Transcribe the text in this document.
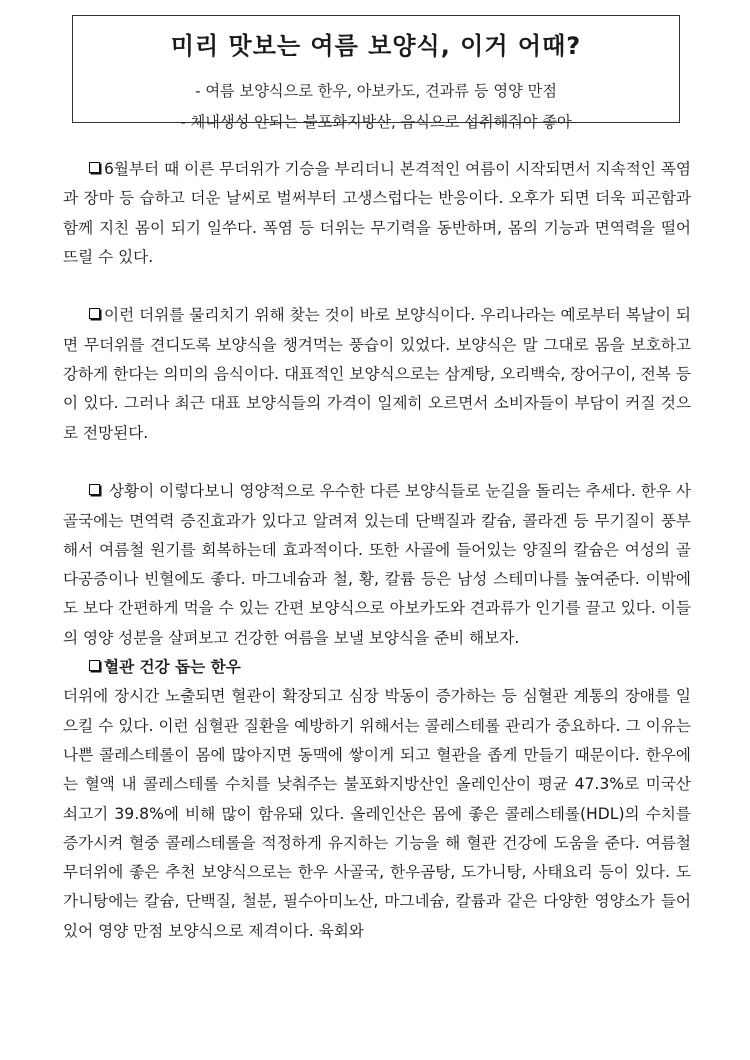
미리 맛보는 여름 보양식, 이거 어때?
- 여름 보양식으로 한우, 아보카도, 견과류 등 영양 만점
- 체내생성 안되는 불포화지방산, 음식으로 섭취해줘야 좋아

6월부터 때 이른 무더위가 기승을 부리더니 본격적인 여름이 시작되면서 지속적인 폭염과 장마 등 습하고 더운 날씨로 벌써부터 고생스럽다는 반응이다. 오후가 되면 더욱 피곤함과 함께 지친 몸이 되기 일쑤다. 폭염 등 더위는 무기력을 동반하며, 몸의 기능과 면역력을 떨어뜨릴 수 있다.

이런 더위를 물리치기 위해 찾는 것이 바로 보양식이다. 우리나라는 예로부터 복날이 되면 무더위를 견디도록 보양식을 챙겨먹는 풍습이 있었다. 보양식은 말 그대로 몸을 보호하고 강하게 한다는 의미의 음식이다. 대표적인 보양식으로는 삼계탕, 오리백숙, 장어구이, 전복 등이 있다. 그러나 최근 대표 보양식들의 가격이 일제히 오르면서 소비자들이 부담이 커질 것으로 전망된다.

상황이 이렇다보니 영양적으로 우수한 다른 보양식들로 눈길을 돌리는 추세다. 한우 사골국에는 면역력 증진효과가 있다고 알려져 있는데 단백질과 칼슘, 콜라겐 등 무기질이 풍부해서 여름철 원기를 회복하는데 효과적이다. 또한 사골에 들어있는 양질의 칼슘은 여성의 골다공증이나 빈혈에도 좋다. 마그네슘과 철, 황, 칼륨 등은 남성 스테미나를 높여준다. 이밖에도 보다 간편하게 먹을 수 있는 간편 보양식으로 아보카도와 견과류가 인기를 끌고 있다. 이들의 영양 성분을 살펴보고 건강한 여름을 보낼 보양식을 준비 해보자.

혈관 건강 돕는 한우

더위에 장시간 노출되면 혈관이 확장되고 심장 박동이 증가하는 등 심혈관 계통의 장애를 일으킬 수 있다. 이런 심혈관 질환을 예방하기 위해서는 콜레스테롤 관리가 중요하다. 그 이유는 나쁜 콜레스테롤이 몸에 많아지면 동맥에 쌓이게 되고 혈관을 좁게 만들기 때문이다. 한우에는 혈액 내 콜레스테롤 수치를 낮춰주는 불포화지방산인 올레인산이 평균 47.3%로 미국산 쇠고기 39.8%에 비해 많이 함유돼 있다. 올레인산은 몸에 좋은 콜레스테롤(HDL)의 수치를 증가시켜 혈중 콜레스테롤을 적정하게 유지하는 기능을 해 혈관 건강에 도움을 준다. 여름철 무더위에 좋은 추천 보양식으로는 한우 사골국, 한우곰탕, 도가니탕, 사태요리 등이 있다. 도가니탕에는 칼슘, 단백질, 철분, 필수아미노산, 마그네슘, 칼륨과 같은 다양한 영양소가 들어있어 영양 만점 보양식으로 제격이다. 육회와
